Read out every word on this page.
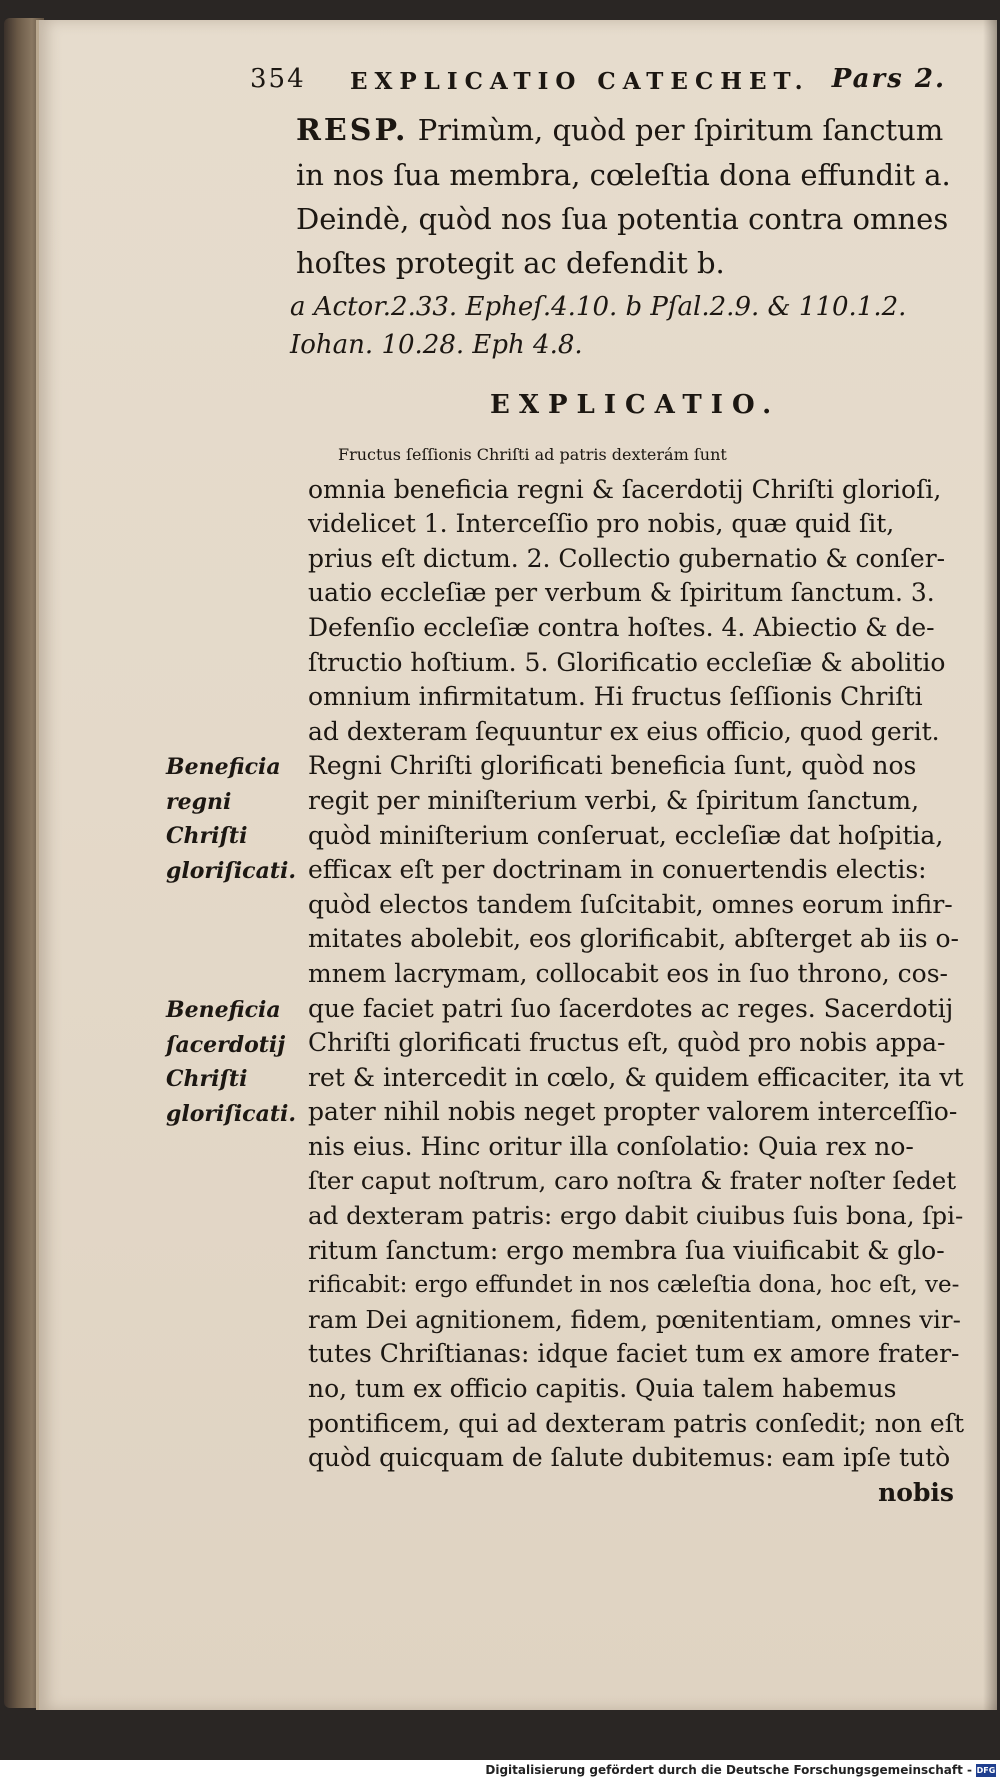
354 EXPLICATIO CATECHET. Pars 2.
RESP. Primùm, quòd per ſpiritum ſanctum in nos ſua membra, cœleſtia dona effundit a. Deindè, quòd nos ſua potentia contra omnes hoſtes protegit ac defendit b.
a Actor.2.33. Epheſ.4.10. b Pſal.2.9. & 110.1.2. Iohan. 10.28. Eph 4.8.
EXPLICATIO.
Beneficia regni Chriſti gloriſicati.
Beneficia ſacerdotij Chriſti gloriſicati.
Fructus ſeſſionis Chriſti ad patris dexterám ſunt
omnia beneficia regni & ſacerdotij Chriſti glorioſi,
videlicet 1. Interceſſio pro nobis, quæ quid ſit,
prius eſt dictum. 2. Collectio gubernatio & conſer-
uatio eccleſiæ per verbum & ſpiritum ſanctum. 3.
Defenſio eccleſiæ contra hoſtes. 4. Abiectio & de-
ſtructio hoſtium. 5. Glorificatio eccleſiæ & abolitio
omnium infirmitatum. Hi fructus ſeſſionis Chriſti
ad dexteram ſequuntur ex eius officio, quod gerit.
Regni Chriſti glorificati beneficia ſunt, quòd nos
regit per miniſterium verbi, & ſpiritum ſanctum,
quòd miniſterium conſeruat, eccleſiæ dat hoſpitia,
efficax eſt per doctrinam in conuertendis electis:
quòd electos tandem ſuſcitabit, omnes eorum infir-
mitates abolebit, eos glorificabit, abſterget ab iis o-
mnem lacrymam, collocabit eos in ſuo throno, cos-
que faciet patri ſuo ſacerdotes ac reges. Sacerdotij
Chriſti glorificati fructus eſt, quòd pro nobis appa-
ret & intercedit in cœlo, & quidem efficaciter, ita vt
pater nihil nobis neget propter valorem interceſſio-
nis eius. Hinc oritur illa conſolatio: Quia rex no-
ſter caput noſtrum, caro noſtra & frater noſter ſedet
ad dexteram patris: ergo dabit ciuibus ſuis bona, ſpi-
ritum ſanctum: ergo membra ſua viuificabit & glo-
rificabit: ergo effundet in nos cæleſtia dona, hoc eſt, ve-
ram Dei agnitionem, fidem, pœnitentiam, omnes vir-
tutes Chriſtianas: idque faciet tum ex amore frater-
no, tum ex officio capitis. Quia talem habemus
pontificem, qui ad dexteram patris conſedit; non eſt
quòd quicquam de ſalute dubitemus: eam ipſe tutò
nobis
Digitalisierung gefördert durch die Deutsche Forschungsgemeinschaft - DFG
